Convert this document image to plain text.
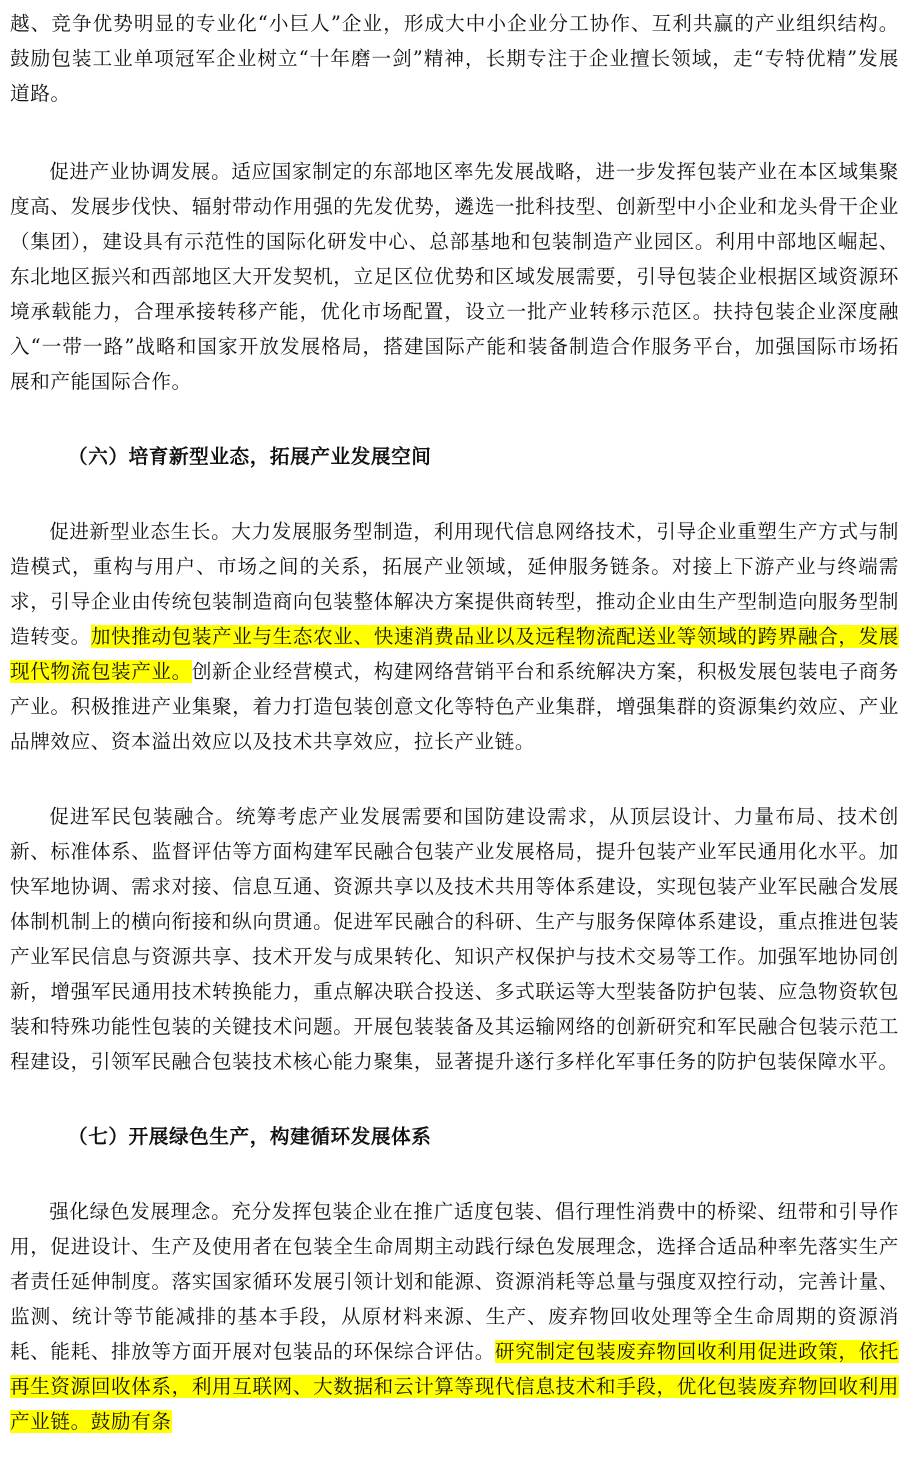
越、竞争优势明显的专业化“小巨人”企业，形成大中小企业分工协作、互利共赢的产业组织结构。鼓励包装工业单项冠军企业树立“十年磨一剑”精神，长期专注于企业擅长领域，走“专特优精”发展道路。

促进产业协调发展。适应国家制定的东部地区率先发展战略，进一步发挥包装产业在本区域集聚度高、发展步伐快、辐射带动作用强的先发优势，遴选一批科技型、创新型中小企业和龙头骨干企业（集团），建设具有示范性的国际化研发中心、总部基地和包装制造产业园区。利用中部地区崛起、东北地区振兴和西部地区大开发契机，立足区位优势和区域发展需要，引导包装企业根据区域资源环境承载能力，合理承接转移产能，优化市场配置，设立一批产业转移示范区。扶持包装企业深度融入“一带一路”战略和国家开放发展格局，搭建国际产能和装备制造合作服务平台，加强国际市场拓展和产能国际合作。

（六）培育新型业态，拓展产业发展空间

促进新型业态生长。大力发展服务型制造，利用现代信息网络技术，引导企业重塑生产方式与制造模式，重构与用户、市场之间的关系，拓展产业领域，延伸服务链条。对接上下游产业与终端需求，引导企业由传统包装制造商向包装整体解决方案提供商转型，推动企业由生产型制造向服务型制造转变。加快推动包装产业与生态农业、快速消费品业以及远程物流配送业等领域的跨界融合，发展现代物流包装产业。创新企业经营模式，构建网络营销平台和系统解决方案，积极发展包装电子商务产业。积极推进产业集聚，着力打造包装创意文化等特色产业集群，增强集群的资源集约效应、产业品牌效应、资本溢出效应以及技术共享效应，拉长产业链。

促进军民包装融合。统筹考虑产业发展需要和国防建设需求，从顶层设计、力量布局、技术创新、标准体系、监督评估等方面构建军民融合包装产业发展格局，提升包装产业军民通用化水平。加快军地协调、需求对接、信息互通、资源共享以及技术共用等体系建设，实现包装产业军民融合发展体制机制上的横向衔接和纵向贯通。促进军民融合的科研、生产与服务保障体系建设，重点推进包装产业军民信息与资源共享、技术开发与成果转化、知识产权保护与技术交易等工作。加强军地协同创新，增强军民通用技术转换能力，重点解决联合投送、多式联运等大型装备防护包装、应急物资软包装和特殊功能性包装的关键技术问题。开展包装装备及其运输网络的创新研究和军民融合包装示范工程建设，引领军民融合包装技术核心能力聚集，显著提升遂行多样化军事任务的防护包装保障水平。

（七）开展绿色生产，构建循环发展体系

强化绿色发展理念。充分发挥包装企业在推广适度包装、倡行理性消费中的桥梁、纽带和引导作用，促进设计、生产及使用者在包装全生命周期主动践行绿色发展理念，选择合适品种率先落实生产者责任延伸制度。落实国家循环发展引领计划和能源、资源消耗等总量与强度双控行动，完善计量、监测、统计等节能减排的基本手段，从原材料来源、生产、废弃物回收处理等全生命周期的资源消耗、能耗、排放等方面开展对包装品的环保综合评估。研究制定包装废弃物回收利用促进政策，依托再生资源回收体系，利用互联网、大数据和云计算等现代信息技术和手段，优化包装废弃物回收利用产业链。鼓励有条
